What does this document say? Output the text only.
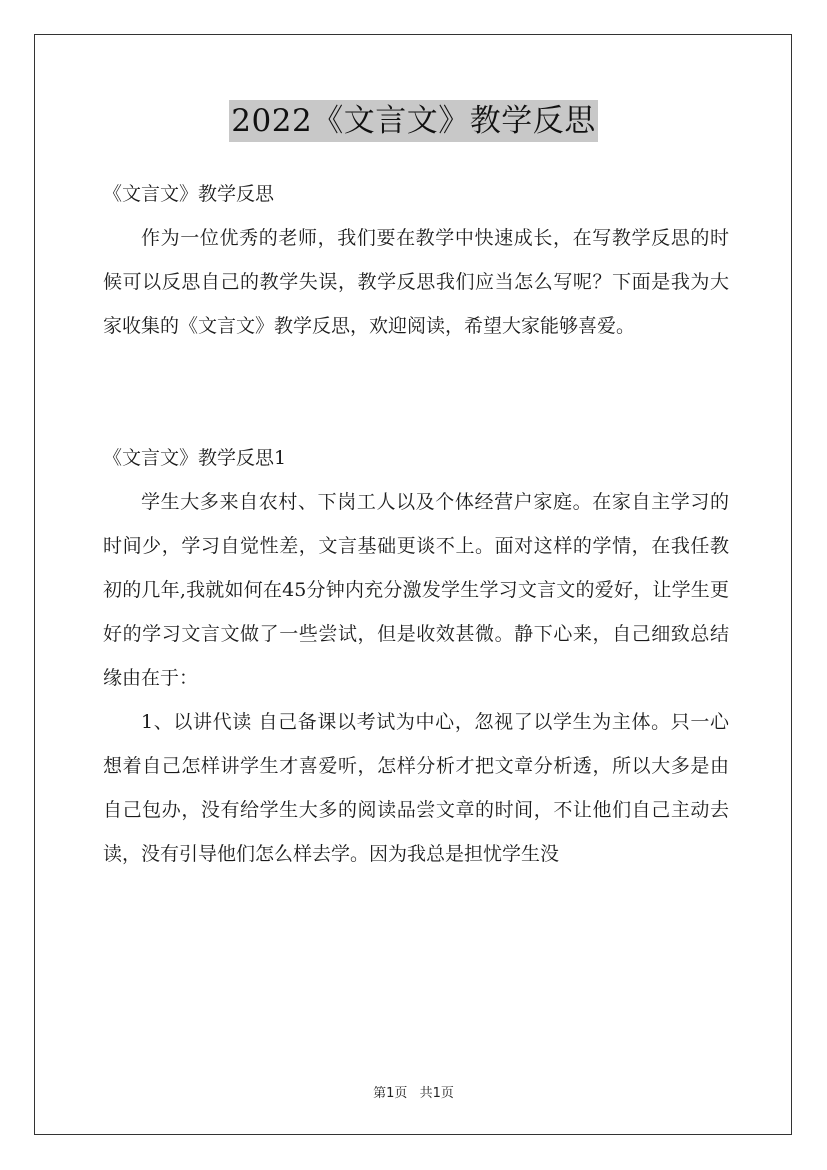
2022《文言文》教学反思

《文言文》教学反思

作为一位优秀的老师，我们要在教学中快速成长，在写教学反思的时候可以反思自己的教学失误，教学反思我们应当怎么写呢？下面是我为大家收集的《文言文》教学反思，欢迎阅读，希望大家能够喜爱。

《文言文》教学反思1

学生大多来自农村、下岗工人以及个体经营户家庭。在家自主学习的时间少，学习自觉性差，文言基础更谈不上。面对这样的学情，在我任教初的几年,我就如何在45分钟内充分激发学生学习文言文的爱好，让学生更好的学习文言文做了一些尝试，但是收效甚微。静下心来，自己细致总结缘由在于：

1、以讲代读 自己备课以考试为中心，忽视了以学生为主体。只一心想着自己怎样讲学生才喜爱听，怎样分析才把文章分析透，所以大多是由自己包办，没有给学生大多的阅读品尝文章的时间，不让他们自己主动去读，没有引导他们怎么样去学。因为我总是担忧学生没

第1页 共1页
